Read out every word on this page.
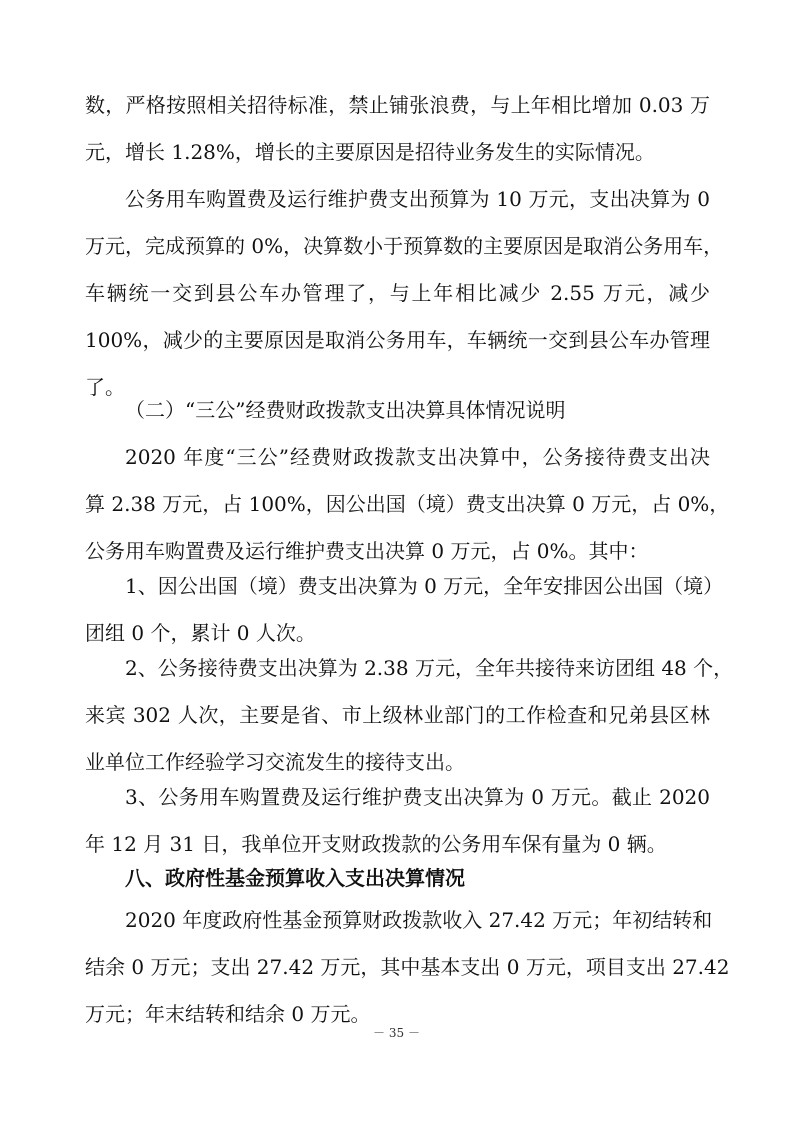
数，严格按照相关招待标准，禁止铺张浪费，与上年相比增加 0.03 万
元，增长 1.28%，增长的主要原因是招待业务发生的实际情况。
公务用车购置费及运行维护费支出预算为 10 万元，支出决算为 0
万元，完成预算的 0%，决算数小于预算数的主要原因是取消公务用车，
车辆统一交到县公车办管理了，与上年相比减少 2.55 万元，减少
100%，减少的主要原因是取消公务用车，车辆统一交到县公车办管理
了。
（二）“三公”经费财政拨款支出决算具体情况说明
2020 年度“三公”经费财政拨款支出决算中，公务接待费支出决
算 2.38 万元，占 100%，因公出国（境）费支出决算 0 万元，占 0%，
公务用车购置费及运行维护费支出决算 0 万元，占 0%。其中：
1、因公出国（境）费支出决算为 0 万元，全年安排因公出国（境）
团组 0 个，累计 0 人次。
2、公务接待费支出决算为 2.38 万元，全年共接待来访团组 48 个，
来宾 302 人次，主要是省、市上级林业部门的工作检查和兄弟县区林
业单位工作经验学习交流发生的接待支出。
3、公务用车购置费及运行维护费支出决算为 0 万元。截止 2020
年 12 月 31 日，我单位开支财政拨款的公务用车保有量为 0 辆。
八、政府性基金预算收入支出决算情况
2020 年度政府性基金预算财政拨款收入 27.42 万元；年初结转和
结余 0 万元；支出 27.42 万元，其中基本支出 0 万元，项目支出 27.42
万元；年末结转和结余 0 万元。
－ 35 －
